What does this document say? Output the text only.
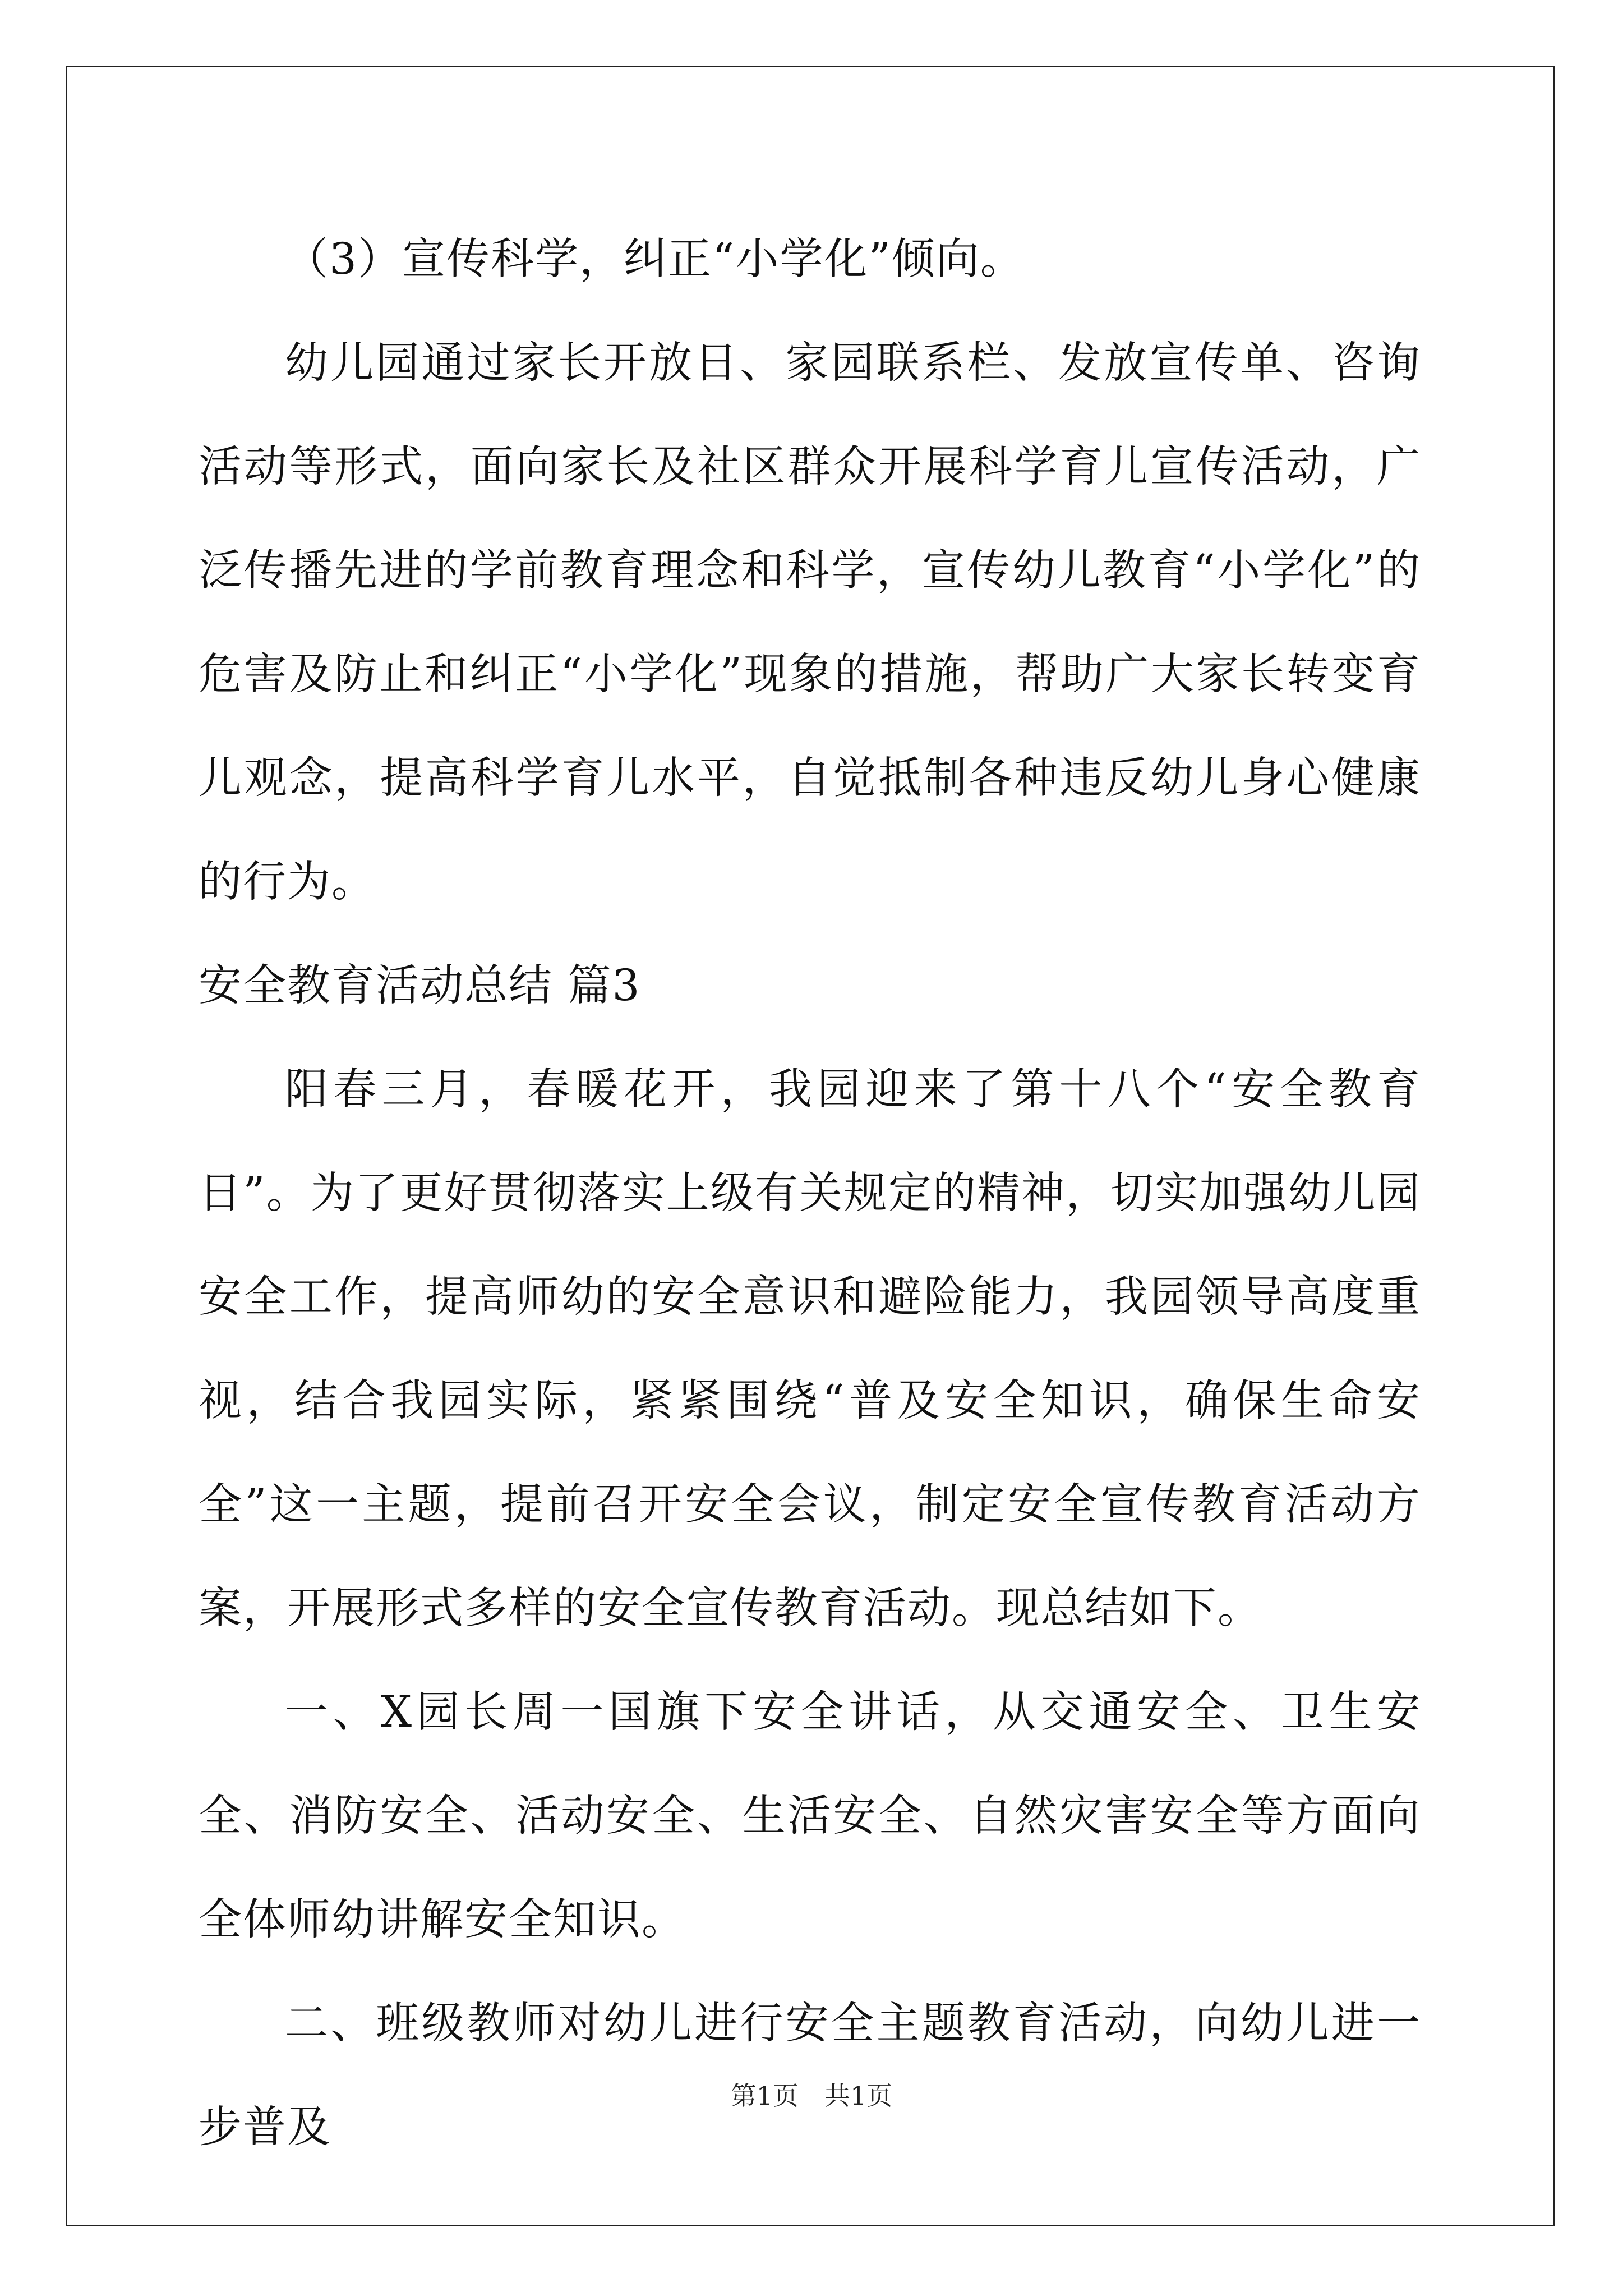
（3）宣传科学，纠正“小学化”倾向。

幼儿园通过家长开放日、家园联系栏、发放宣传单、咨询活动等形式，面向家长及社区群众开展科学育儿宣传活动，广泛传播先进的学前教育理念和科学，宣传幼儿教育“小学化”的危害及防止和纠正“小学化”现象的措施，帮助广大家长转变育儿观念，提高科学育儿水平，自觉抵制各种违反幼儿身心健康的行为。

安全教育活动总结 篇3

阳春三月，春暖花开，我园迎来了第十八个“安全教育日”。为了更好贯彻落实上级有关规定的精神，切实加强幼儿园安全工作，提高师幼的安全意识和避险能力，我园领导高度重视，结合我园实际，紧紧围绕“普及安全知识，确保生命安全”这一主题，提前召开安全会议，制定安全宣传教育活动方案，开展形式多样的安全宣传教育活动。现总结如下。

一、X园长周一国旗下安全讲话，从交通安全、卫生安全、消防安全、活动安全、生活安全、自然灾害安全等方面向全体师幼讲解安全知识。

二、班级教师对幼儿进行安全主题教育活动，向幼儿进一步普及

第1页　共1页
